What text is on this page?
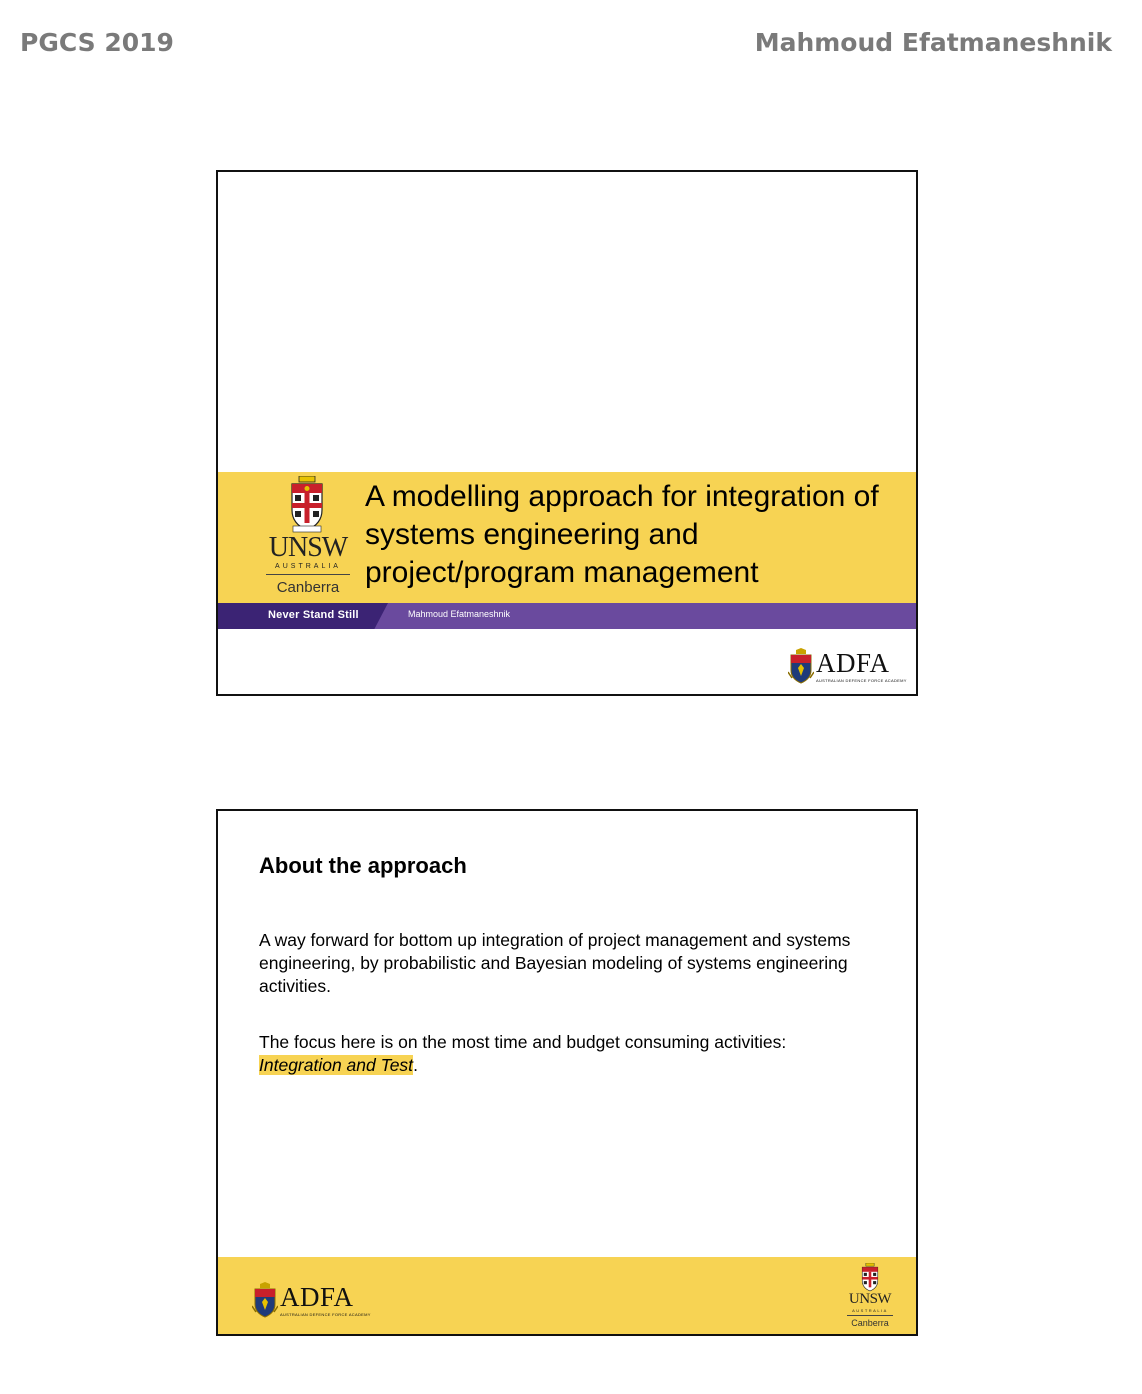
PGCS 2019	Mahmoud Efatmaneshnik
UNSW
AUSTRALIA
Canberra
A modelling approach for integration of
systems engineering and
project/program management
Never Stand Still	Mahmoud Efatmaneshnik
ADFA
AUSTRALIAN DEFENCE FORCE ACADEMY
About the approach
A way forward for bottom up integration of project management and systems engineering, by probabilistic and Bayesian modeling of systems engineering activities.
The focus here is on the most time and budget consuming activities:
Integration and Test.
ADFA
AUSTRALIAN DEFENCE FORCE ACADEMY
UNSW
AUSTRALIA
Canberra
